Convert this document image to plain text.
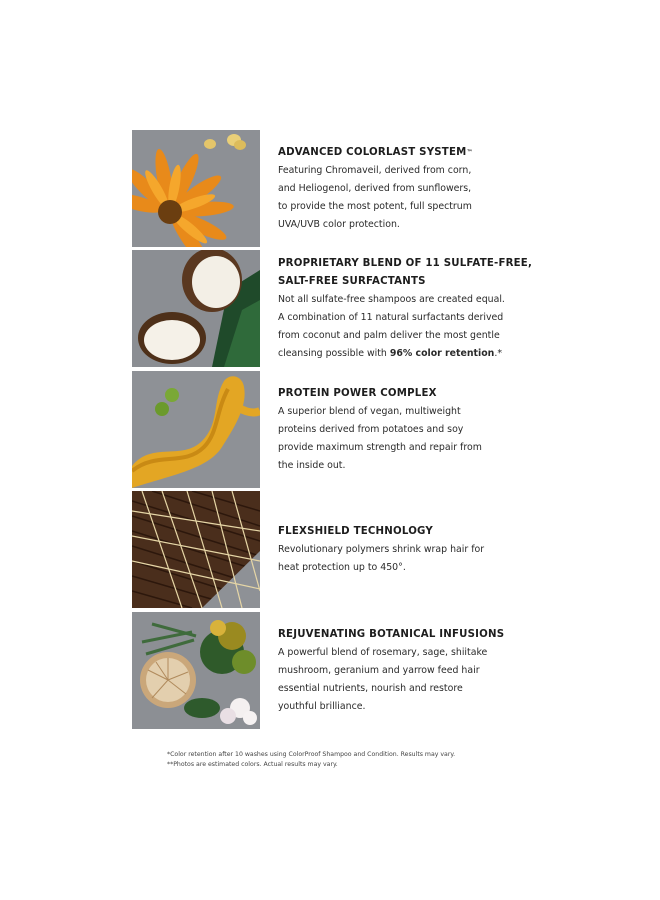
ADVANCED COLORLAST SYSTEM™

Featuring Chromaveil, derived from corn,

and Heliogenol, derived from sunflowers,

to provide the most potent, full spectrum

UVA/UVB color protection.

PROPRIETARY BLEND OF 11 SULFATE-FREE,
SALT-FREE SURFACTANTS

Not all sulfate-free shampoos are created equal.

A combination of 11 natural surfactants derived

from coconut and palm deliver the most gentle

cleansing possible with 96% color retention.*

PROTEIN POWER COMPLEX

A superior blend of vegan, multiweight

proteins derived from potatoes and soy

provide maximum strength and repair from

the inside out.

FLEXSHIELD TECHNOLOGY

Revolutionary polymers shrink wrap hair for

heat protection up to 450°.

REJUVENATING BOTANICAL INFUSIONS

A powerful blend of rosemary, sage, shiitake

mushroom, geranium and yarrow feed hair

essential nutrients, nourish and restore

youthful brilliance.

*Color retention after 10 washes using ColorProof Shampoo and Condition. Results may vary.
**Photos are estimated colors. Actual results may vary.
